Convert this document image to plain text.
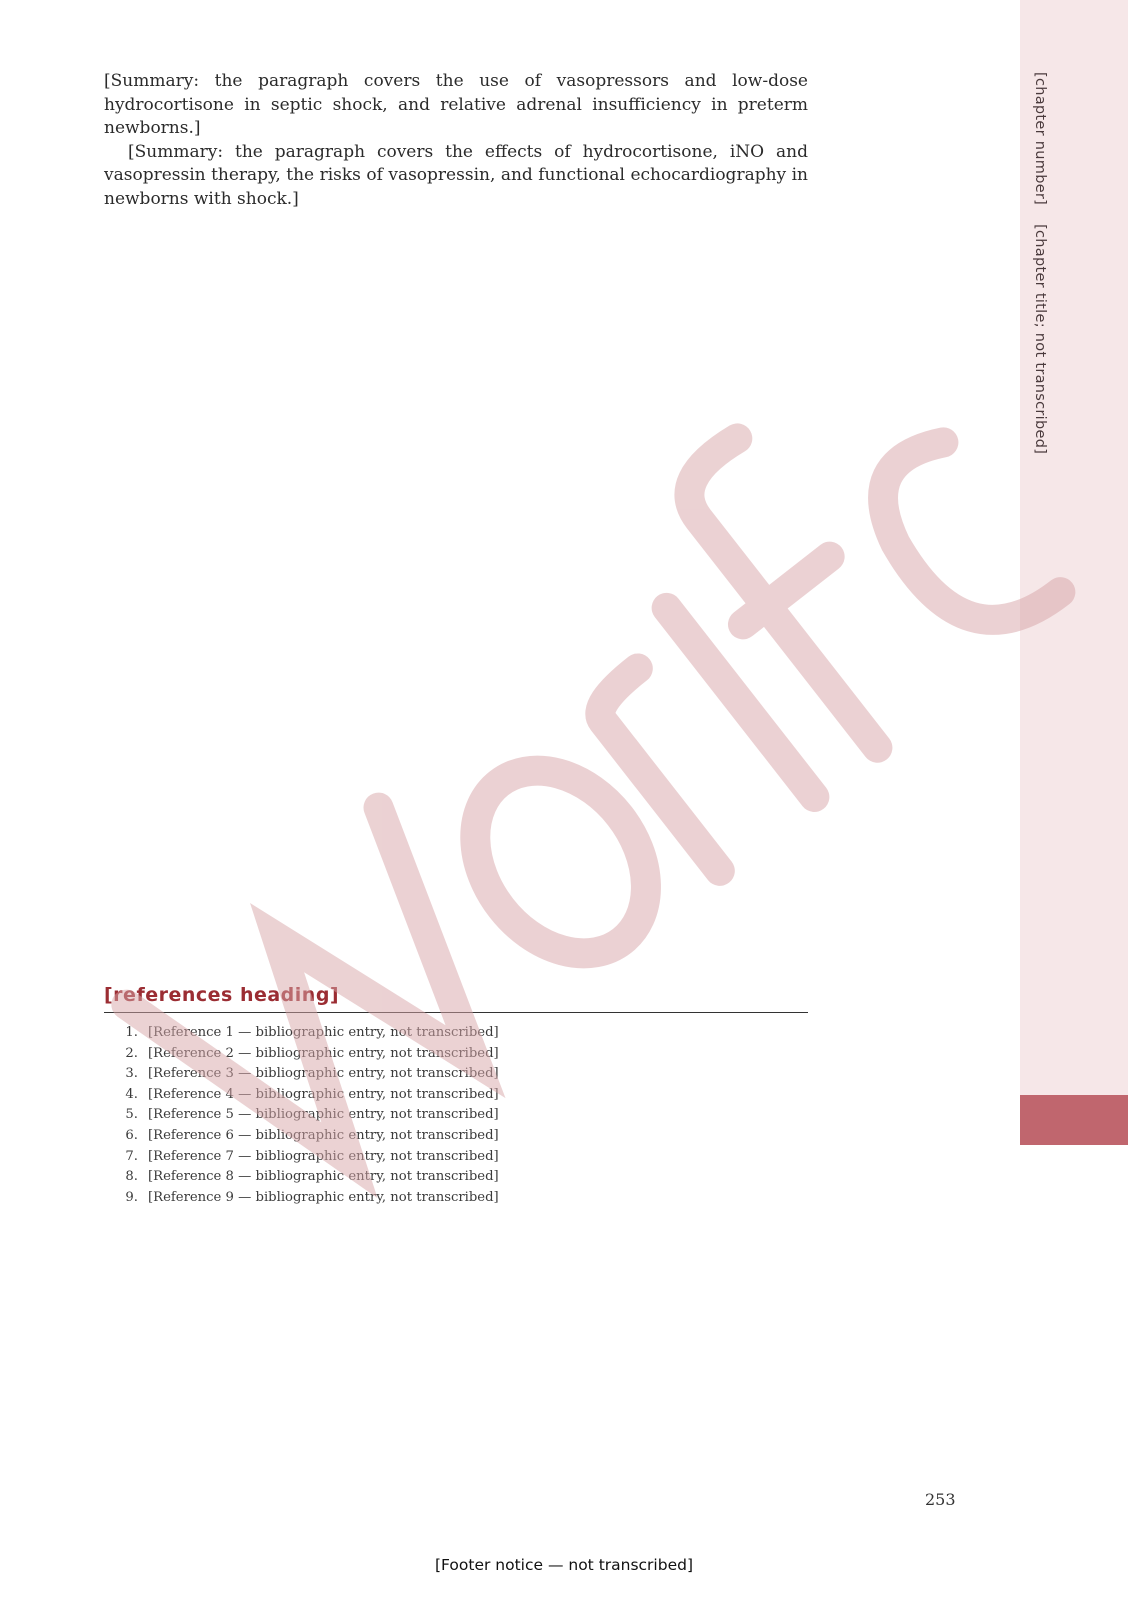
[chapter number] [chapter title; not transcribed]

[Summary: the paragraph covers the use of vasopressors and low-dose hydrocortisone in septic shock, and relative adrenal insufficiency in preterm newborns.]

[Summary: the paragraph covers the effects of hydrocortisone, iNO and vasopressin therapy, the risks of vasopressin, and functional echocardiography in newborns with shock.]

[references heading]
1. [Reference 1 — bibliographic entry, not transcribed]
2. [Reference 2 — bibliographic entry, not transcribed]
3. [Reference 3 — bibliographic entry, not transcribed]
4. [Reference 4 — bibliographic entry, not transcribed]
5. [Reference 5 — bibliographic entry, not transcribed]
6. [Reference 6 — bibliographic entry, not transcribed]
7. [Reference 7 — bibliographic entry, not transcribed]
8. [Reference 8 — bibliographic entry, not transcribed]
9. [Reference 9 — bibliographic entry, not transcribed]
253
[Footer notice — not transcribed]
